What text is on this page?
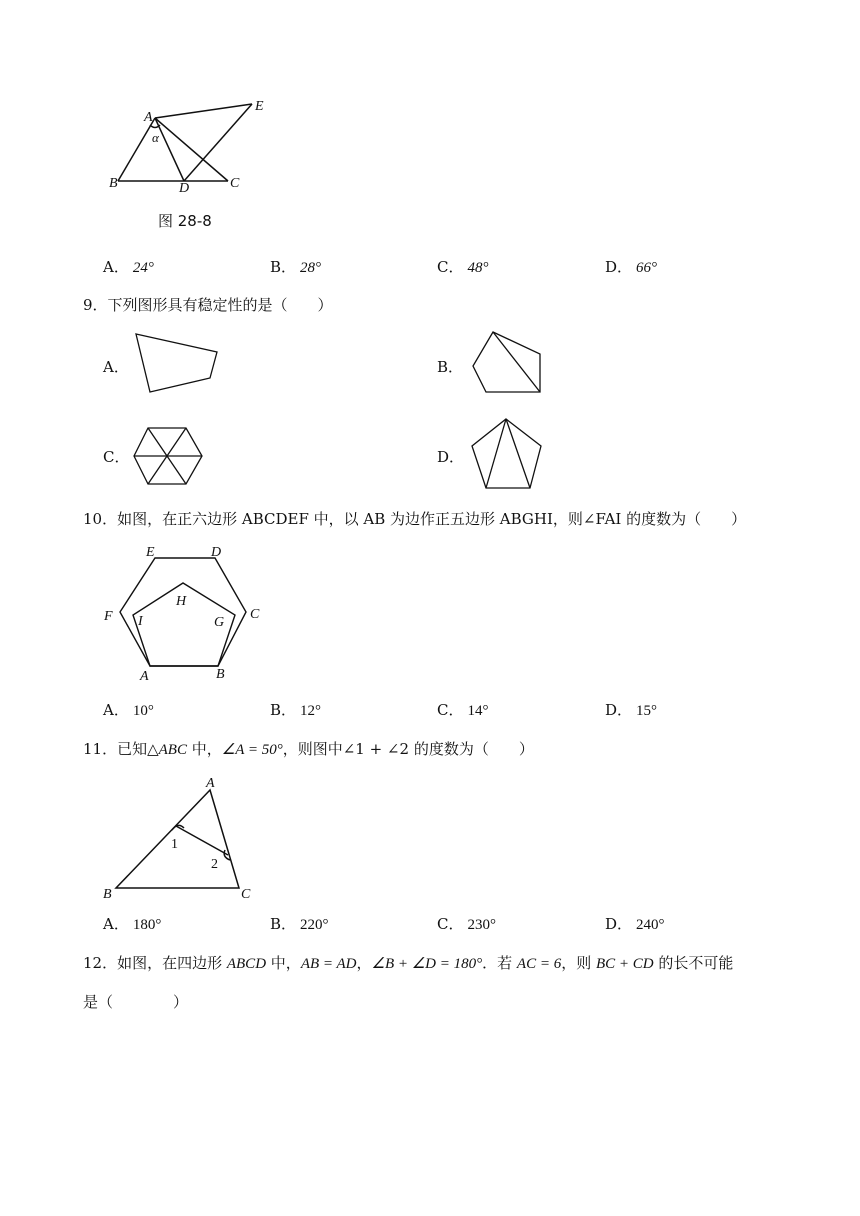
A
E
B	D	C
α
图 28-8
A． 24°	B． 28°	C． 48°	D． 66°
9．下列图形具有稳定性的是（　　）
A．	B．
C．	D．
10．如图，在正六边形 ABCDEF 中，以 AB 为边作正五边形 ABGHI，则∠FAI 的度数为（　　）
E	D
F	C
H
I	G
A	B
A． 10°	B． 12°	C． 14°	D． 15°
11．已知△ABC 中，∠A = 50°，则图中∠1 + ∠2 的度数为（　　）
A
B	C
1
2
A． 180°	B． 220°	C． 230°	D． 240°
12．如图，在四边形 ABCD 中，AB = AD，∠B + ∠D = 180°．若 AC = 6，则 BC + CD 的长不可能
是（　　　　）
